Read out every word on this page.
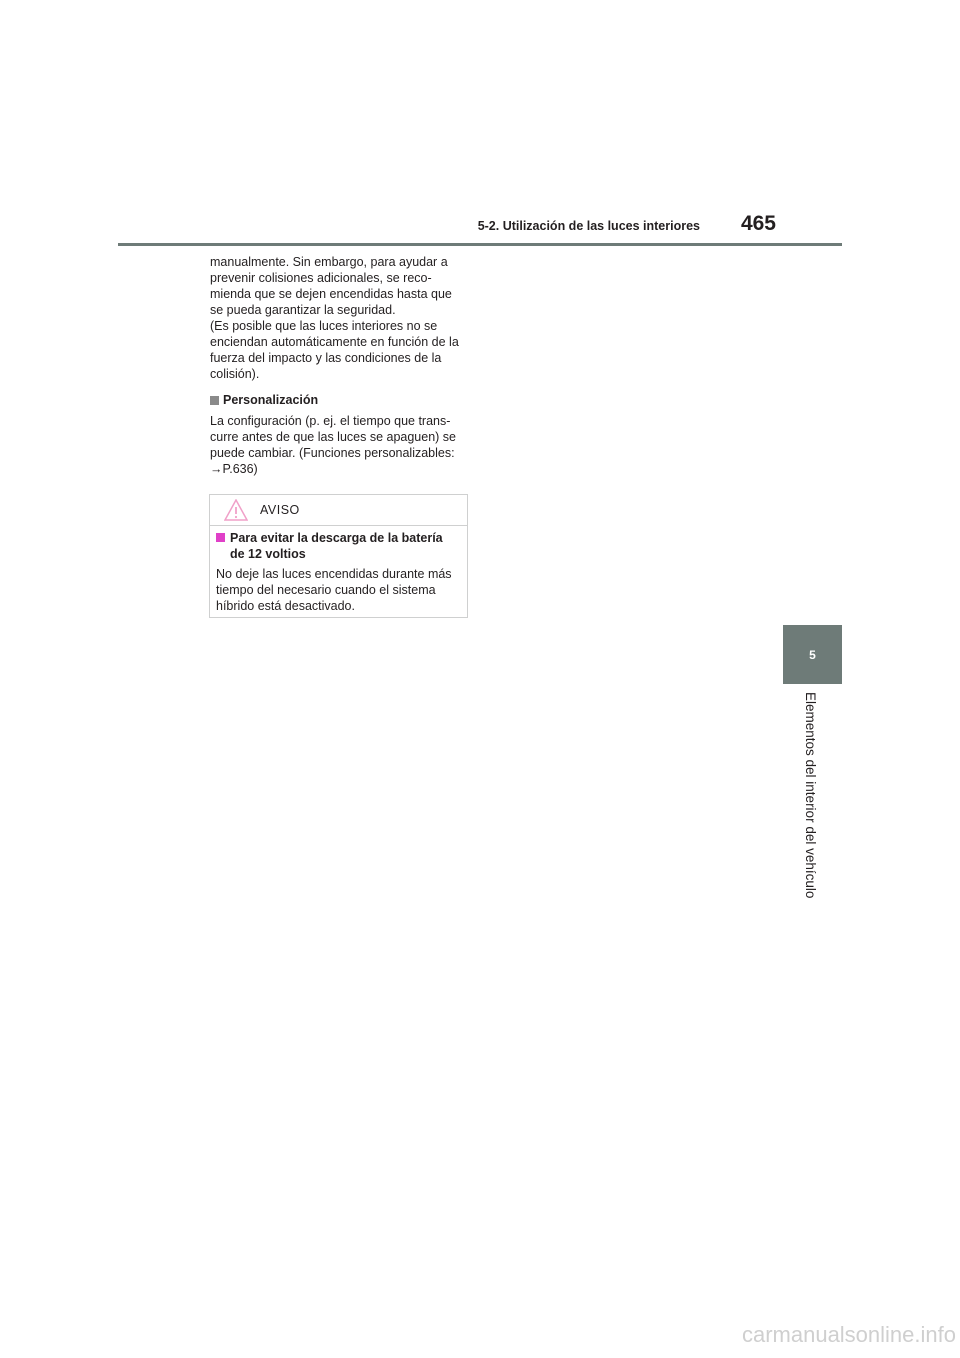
5-2. Utilización de las luces interiores	465

manualmente. Sin embargo, para ayudar a
prevenir colisiones adicionales, se reco-
mienda que se dejen encendidas hasta que
se pueda garantizar la seguridad.
(Es posible que las luces interiores no se
enciendan automáticamente en función de la
fuerza del impacto y las condiciones de la
colisión).

Personalización

La configuración (p. ej. el tiempo que trans-
curre antes de que las luces se apaguen) se
puede cambiar. (Funciones personalizables:
→P.636)

AVISO
Para evitar la descarga de la batería
de 12 voltios

No deje las luces encendidas durante más
tiempo del necesario cuando el sistema
híbrido está desactivado.

5
Elementos del interior del vehículo
carmanualsonline.info
